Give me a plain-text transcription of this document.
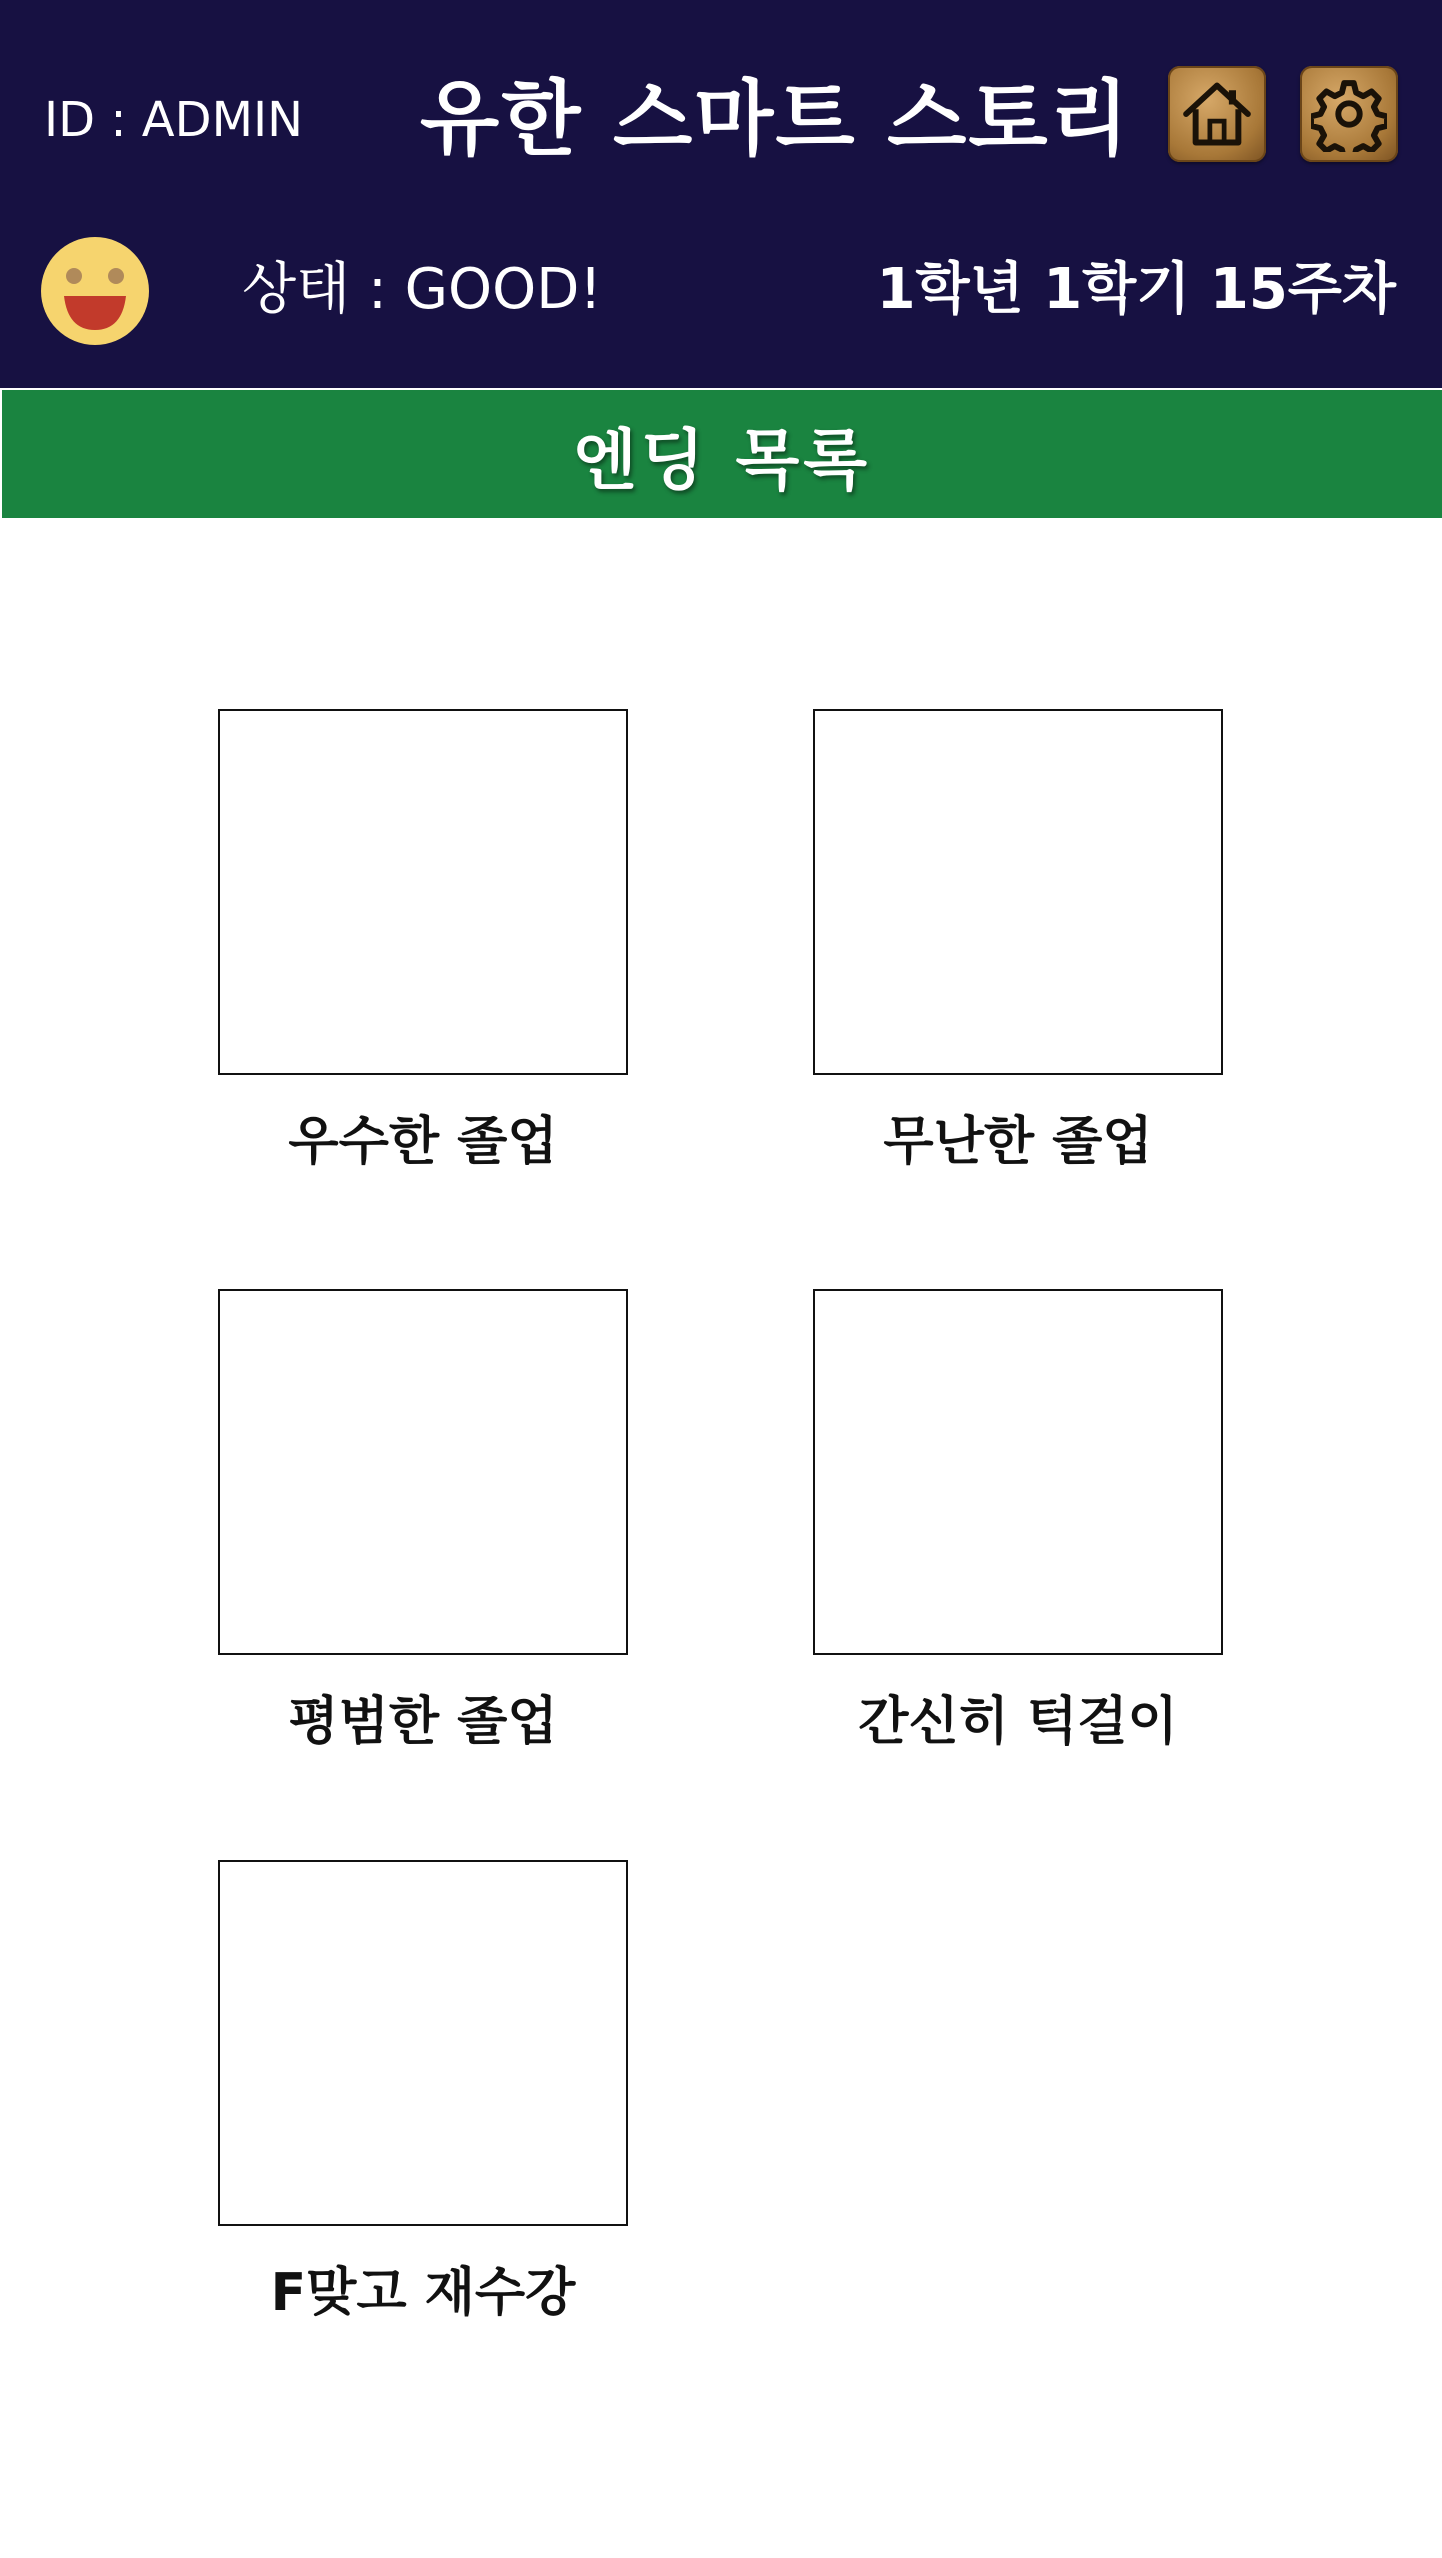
ID : ADMIN 유한 스마트 스토리
상태 : GOOD!	1학년 1학기 15주차
엔딩 목록
우수한 졸업	무난한 졸업
평범한 졸업	간신히 턱걸이
F맞고 재수강
